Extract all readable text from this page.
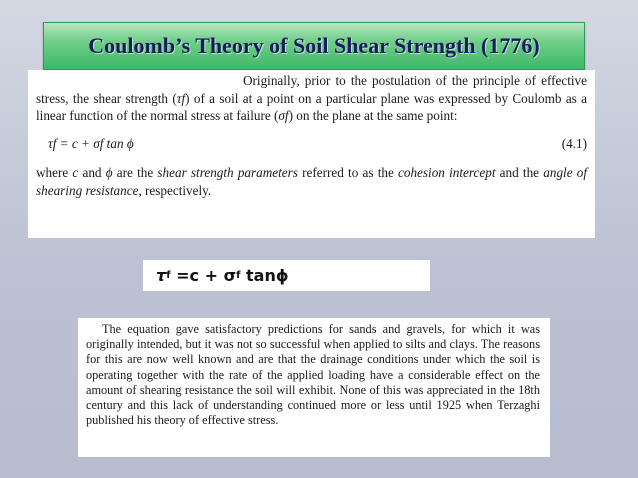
Coulomb’s Theory of Soil Shear Strength (1776)

Originally, prior to the postulation of the principle of effective stress, the shear strength (τf) of a soil at a point on a particular plane was expressed by Coulomb as a linear function of the normal stress at failure (σf) on the plane at the same point:

τf = c + σf tan ϕ	(4.1)

where c and ϕ are the shear strength parameters referred to as the cohesion intercept and the angle of shearing resistance, respectively.

τ f =c + σ f tan ϕ

The equation gave satisfactory predictions for sands and gravels, for which it was originally intended, but it was not so successful when applied to silts and clays. The reasons for this are now well known and are that the drainage conditions under which the soil is operating together with the rate of the applied loading have a considerable effect on the amount of shearing resistance the soil will exhibit. None of this was appreciated in the 18th century and this lack of understanding continued more or less until 1925 when Terzaghi published his theory of effective stress.
